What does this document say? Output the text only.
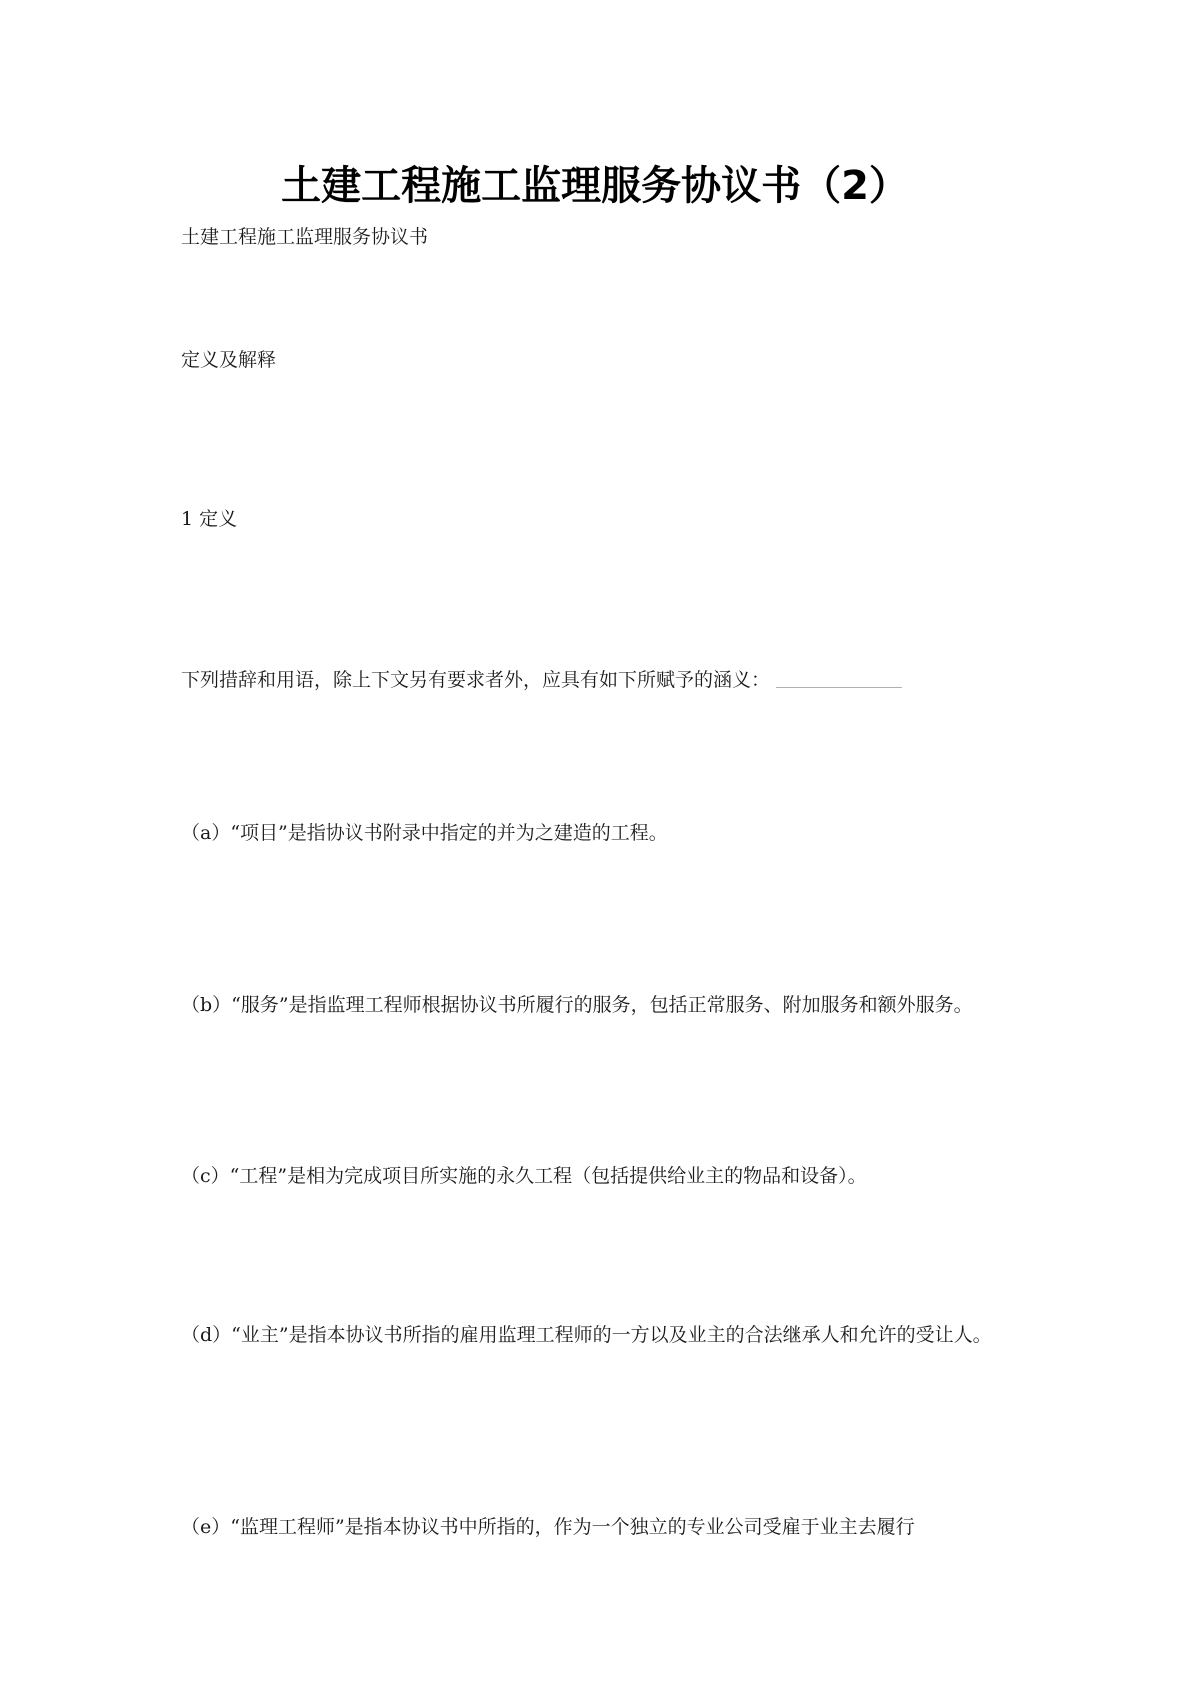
土建工程施工监理服务协议书（2）
土建工程施工监理服务协议书
定义及解释
1 定义
下列措辞和用语，除上下文另有要求者外，应具有如下所赋予的涵义：
（a）“项目”是指协议书附录中指定的并为之建造的工程。
（b）“服务”是指监理工程师根据协议书所履行的服务，包括正常服务、附加服务和额外服务。
（c）“工程”是相为完成项目所实施的永久工程（包括提供给业主的物品和设备）。
（d）“业主”是指本协议书所指的雇用监理工程师的一方以及业主的合法继承人和允许的受让人。
（e）“监理工程师”是指本协议书中所指的，作为一个独立的专业公司受雇于业主去履行
